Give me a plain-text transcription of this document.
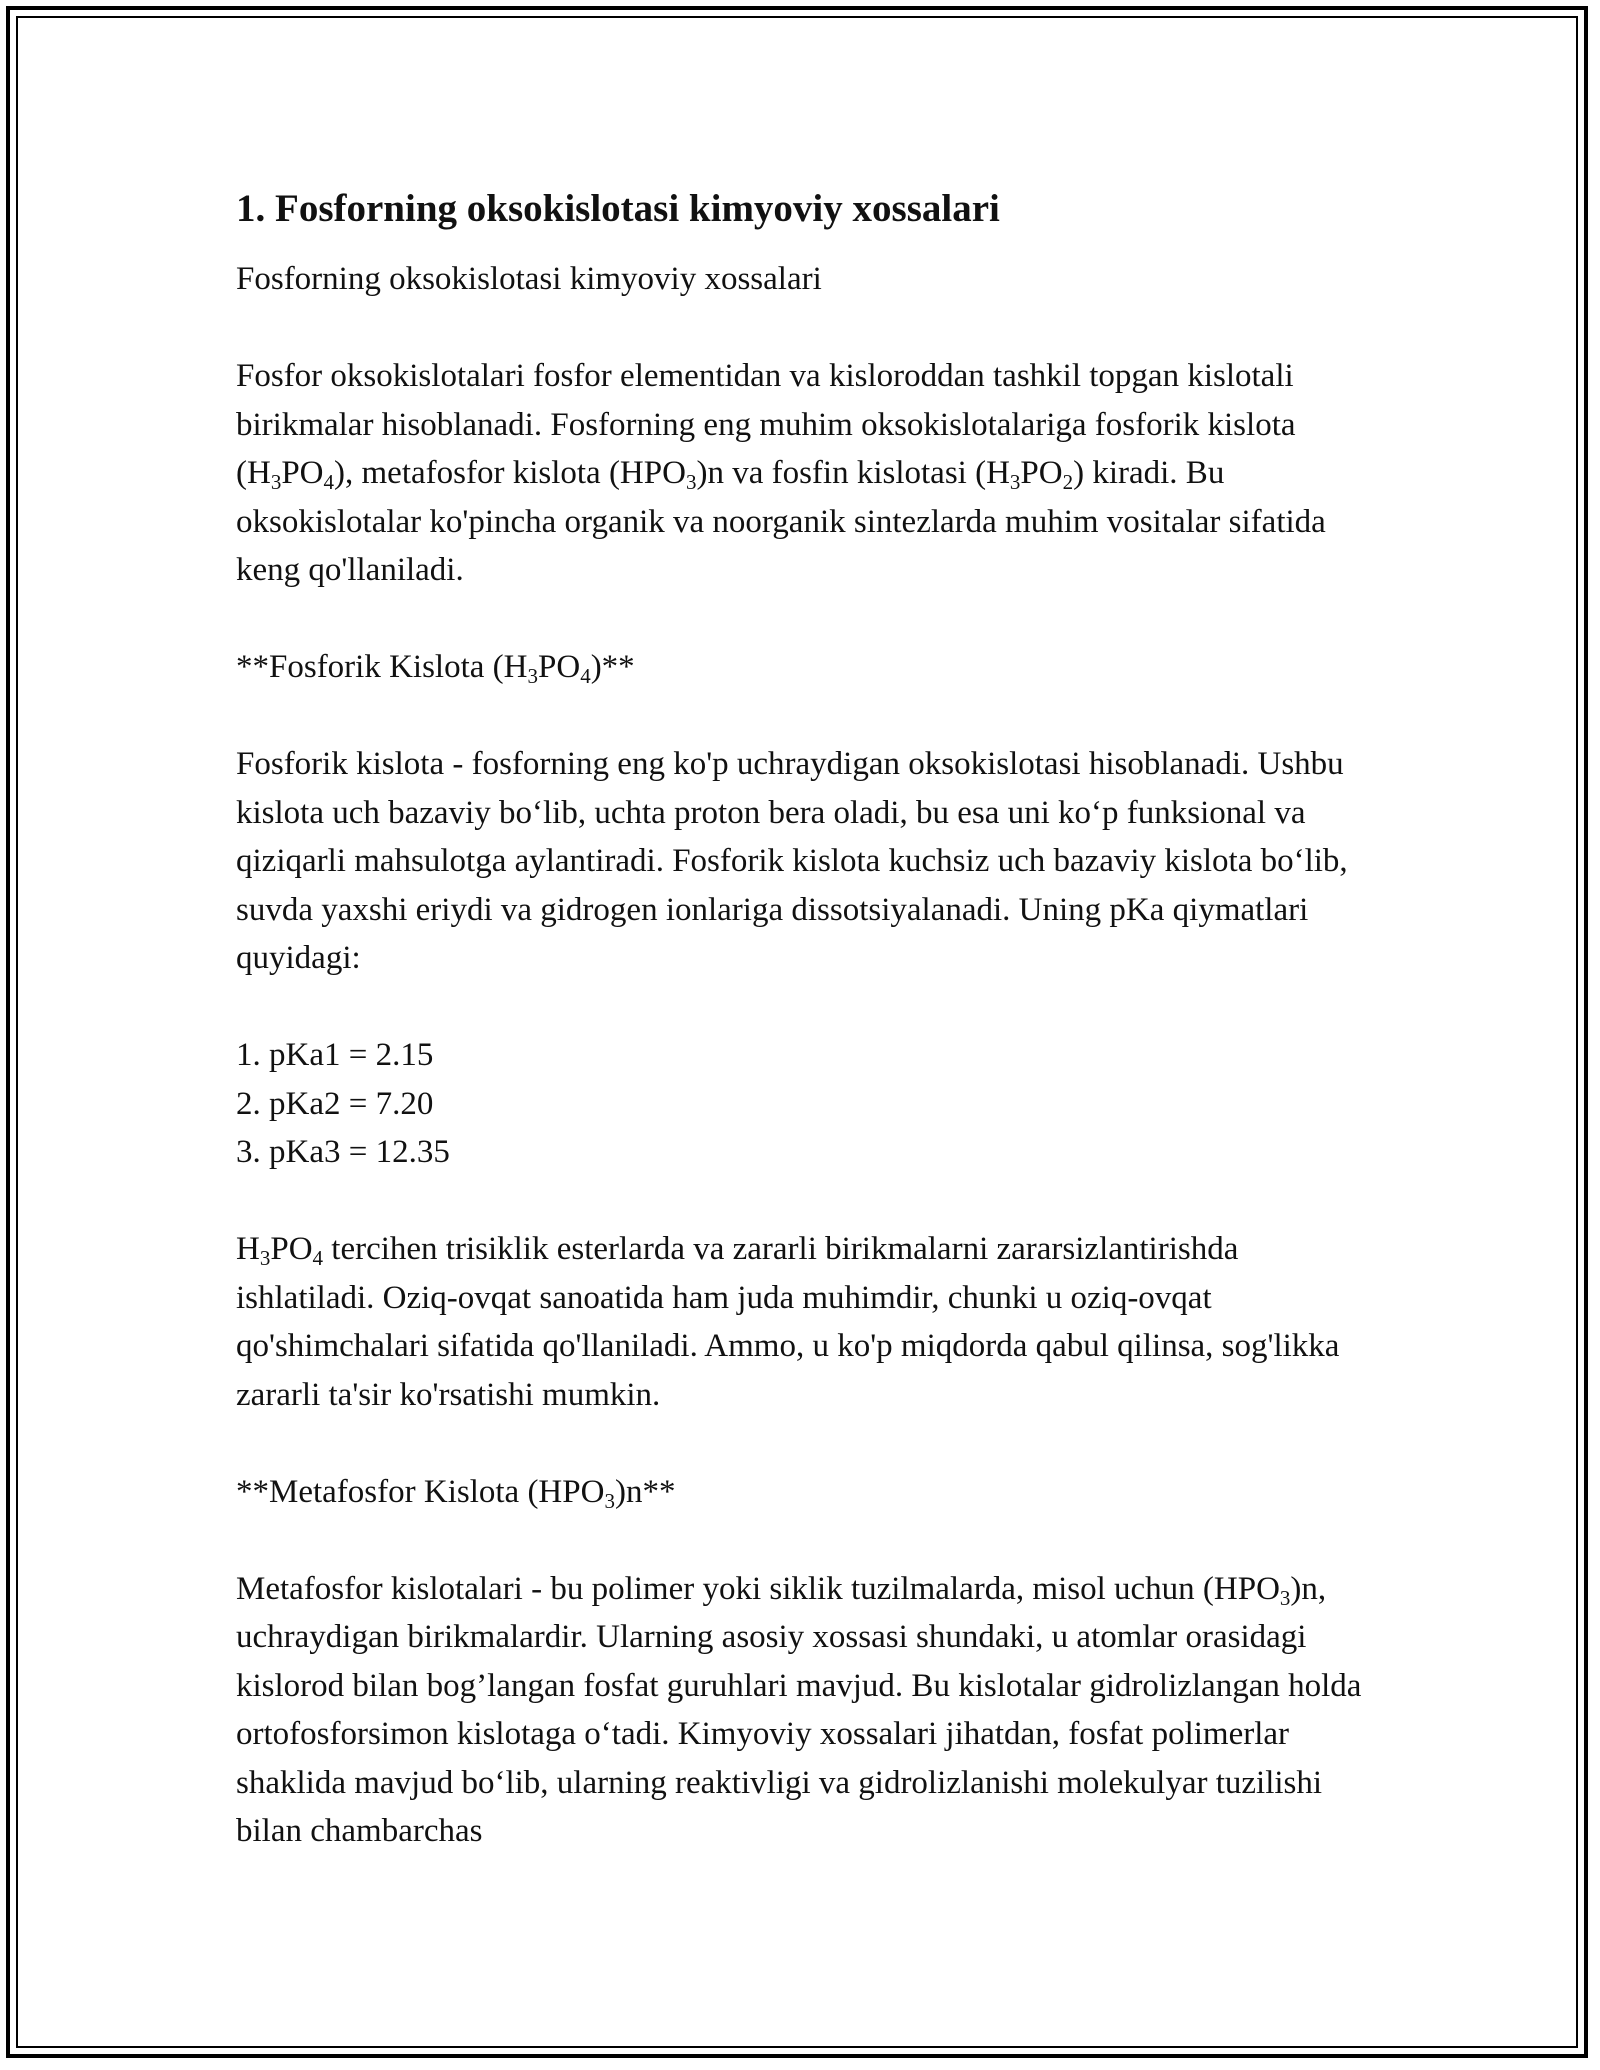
1. Fosforning oksokislotasi kimyoviy xossalari

Fosforning oksokislotasi kimyoviy xossalari

Fosfor oksokislotalari fosfor elementidan va kisloroddan tashkil topgan kislotali birikmalar hisoblanadi. Fosforning eng muhim oksokislotalariga fosforik kislota $(H_3PO_4)$, metafosfor kislota $(HPO_3)n$ va fosfin kislotasi $(H_3PO_2)$ kiradi. Bu oksokislotalar ko'pincha organik va noorganik sintezlarda muhim vositalar sifatida keng qo'llaniladi.

**Fosforik Kislota $(H_3PO_4)**$

Fosforik kislota - fosforning eng ko'p uchraydigan oksokislotasi hisoblanadi. Ushbu kislota uch bazaviy bo‘lib, uchta proton bera oladi, bu esa uni ko‘p funksional va qiziqarli mahsulotga aylantiradi. Fosforik kislota kuchsiz uch bazaviy kislota bo‘lib, suvda yaxshi eriydi va gidrogen ionlariga dissotsiyalanadi. Uning pKa qiymatlari quyidagi:

1. pKa1 = 2.15
2. pKa2 = 7.20
3. pKa3 = 12.35

$H_3PO_4$ tercihen trisiklik esterlarda va zararli birikmalarni zararsizlantirishda ishlatiladi. Oziq-ovqat sanoatida ham juda muhimdir, chunki u oziq-ovqat qo'shimchalari sifatida qo'llaniladi. Ammo, u ko'p miqdorda qabul qilinsa, sog'likka zararli ta'sir ko'rsatishi mumkin.

**Metafosfor Kislota $(HPO_3)n**$

Metafosfor kislotalari - bu polimer yoki siklik tuzilmalarda, misol uchun $(HPO_3)n$, uchraydigan birikmalardir. Ularning asosiy xossasi shundaki, u atomlar orasidagi kislorod bilan bog’langan fosfat guruhlari mavjud. Bu kislotalar gidrolizlangan holda ortofosforsimon kislotaga o‘tadi. Kimyoviy xossalari jihatdan, fosfat polimerlar shaklida mavjud bo‘lib, ularning reaktivligi va gidrolizlanishi molekulyar tuzilishi bilan chambarchas
